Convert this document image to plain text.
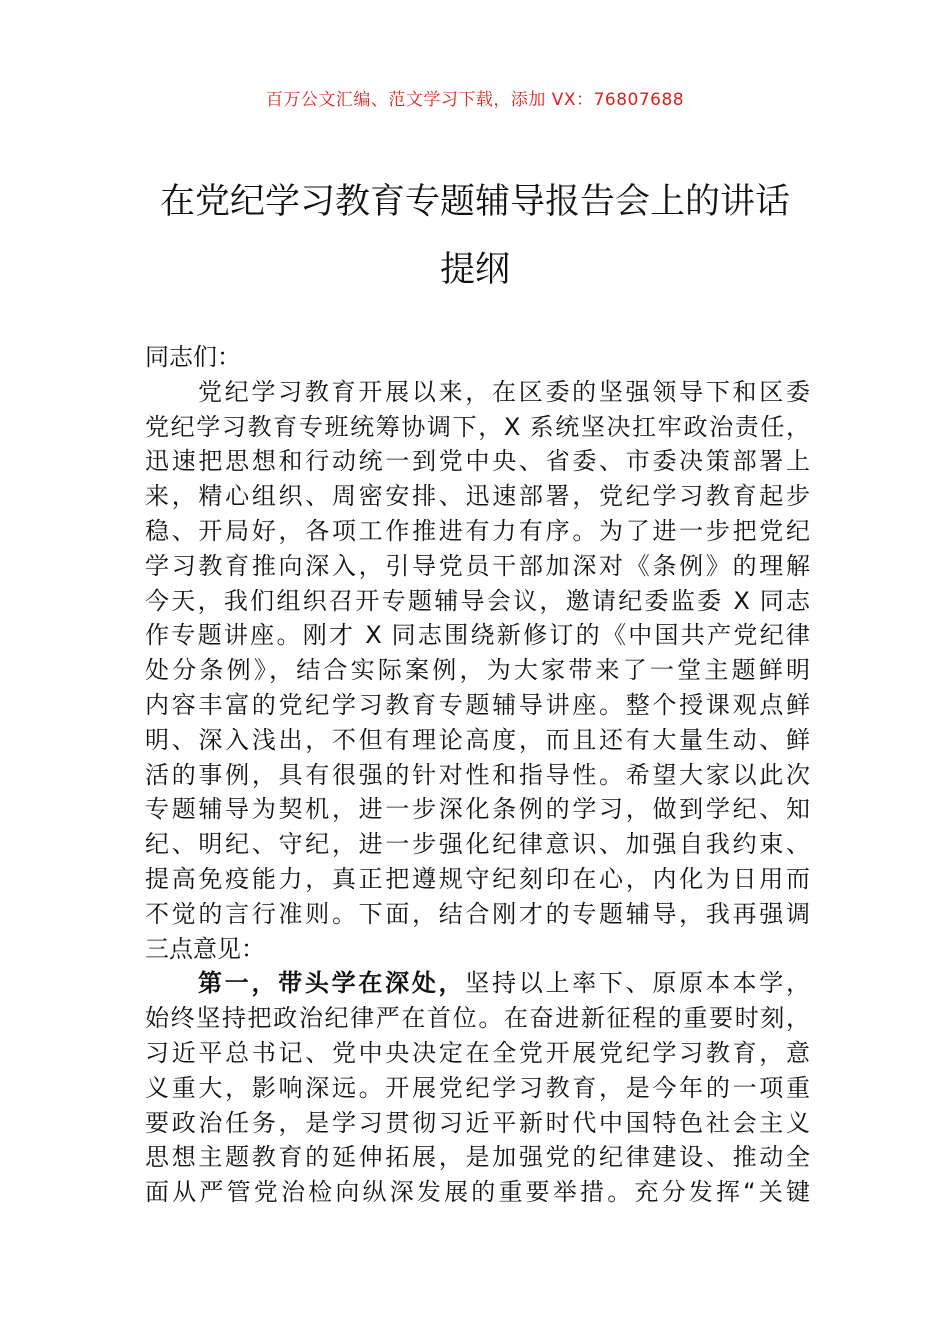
百万公文汇编、范文学习下载，添加 VX：76807688
在党纪学习教育专题辅导报告会上的讲话
提纲
同志们：
党纪学习教育开展以来，在区委的坚强领导下和区委
党纪学习教育专班统筹协调下，X 系统坚决扛牢政治责任，
迅速把思想和行动统一到党中央、省委、市委决策部署上
来，精心组织、周密安排、迅速部署，党纪学习教育起步
稳、开局好，各项工作推进有力有序。为了进一步把党纪
学习教育推向深入，引导党员干部加深对《条例》的理解
今天，我们组织召开专题辅导会议，邀请纪委监委 X 同志
作专题讲座。刚才 X 同志围绕新修订的《中国共产党纪律
处分条例》，结合实际案例，为大家带来了一堂主题鲜明
内容丰富的党纪学习教育专题辅导讲座。整个授课观点鲜
明、深入浅出，不但有理论高度，而且还有大量生动、鲜
活的事例，具有很强的针对性和指导性。希望大家以此次
专题辅导为契机，进一步深化条例的学习，做到学纪、知
纪、明纪、守纪，进一步强化纪律意识、加强自我约束、
提高免疫能力，真正把遵规守纪刻印在心，内化为日用而
不觉的言行准则。下面，结合刚才的专题辅导，我再强调
三点意见：
第一，带头学在深处，坚持以上率下、原原本本学，
始终坚持把政治纪律严在首位。在奋进新征程的重要时刻，
习近平总书记、党中央决定在全党开展党纪学习教育，意
义重大，影响深远。开展党纪学习教育，是今年的一项重
要政治任务，是学习贯彻习近平新时代中国特色社会主义
思想主题教育的延伸拓展，是加强党的纪律建设、推动全
面从严管党治检向纵深发展的重要举措。充分发挥“关键
